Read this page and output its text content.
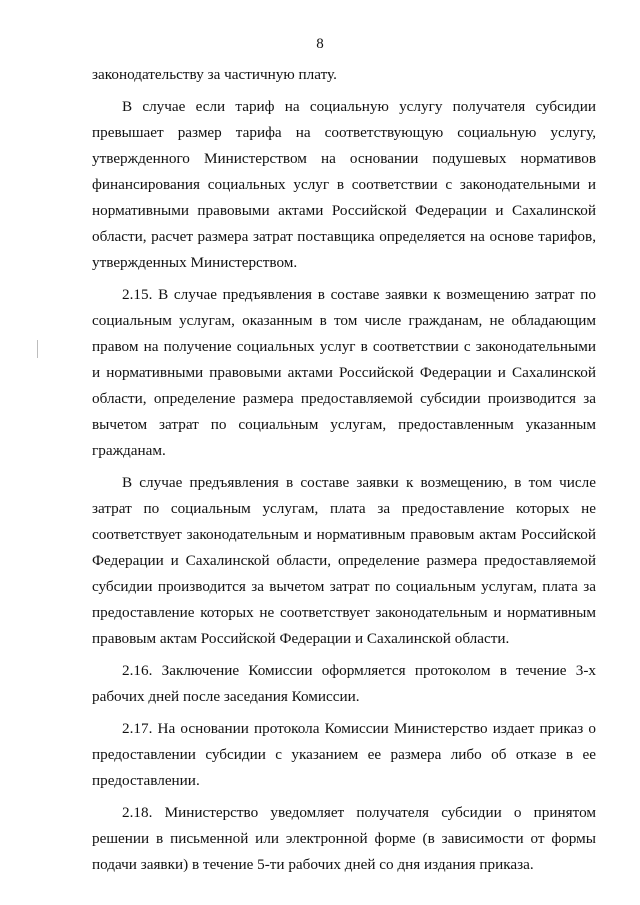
8

законодательству за частичную плату.

В случае если тариф на социальную услугу получателя субсидии превышает размер тарифа на соответствующую социальную услугу, утвержденного Министерством на основании подушевых нормативов финансирования социальных услуг в соответствии с законодательными и нормативными правовыми актами Российской Федерации и Сахалинской области, расчет размера затрат поставщика определяется на основе тарифов, утвержденных Министерством.

2.15. В случае предъявления в составе заявки к возмещению затрат по социальным услугам, оказанным в том числе гражданам, не обладающим правом на получение социальных услуг в соответствии с законодательными и нормативными правовыми актами Российской Федерации и Сахалинской области, определение размера предоставляемой субсидии производится за вычетом затрат по социальным услугам, предоставленным указанным гражданам.

В случае предъявления в составе заявки к возмещению, в том числе затрат по социальным услугам, плата за предоставление которых не соответствует законодательным и нормативным правовым актам Российской Федерации и Сахалинской области, определение размера предоставляемой субсидии производится за вычетом затрат по социальным услугам, плата за предоставление которых не соответствует законодательным и нормативным правовым актам Российской Федерации и Сахалинской области.

2.16. Заключение Комиссии оформляется протоколом в течение 3-х рабочих дней после заседания Комиссии.

2.17. На основании протокола Комиссии Министерство издает приказ о предоставлении субсидии с указанием ее размера либо об отказе в ее предоставлении.

2.18. Министерство уведомляет получателя субсидии о принятом решении в письменной или электронной форме (в зависимости от формы подачи заявки) в течение 5-ти рабочих дней со дня издания приказа.
